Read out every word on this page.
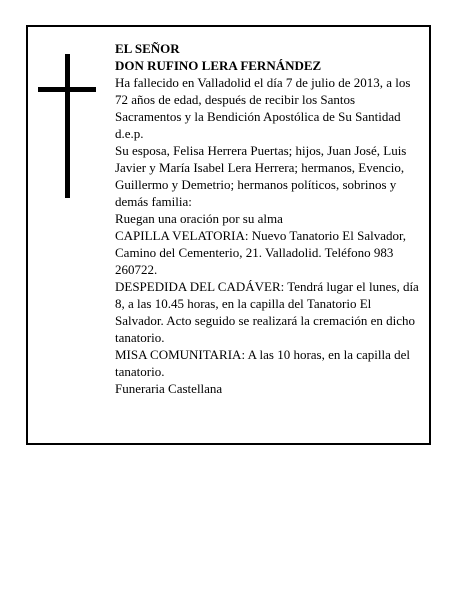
EL SEÑOR

DON RUFINO LERA FERNÁNDEZ

Ha fallecido en Valladolid el día 7 de julio de 2013, a los 72 años de edad, después de recibir los Santos Sacramentos y la Bendición Apostólica de Su Santidad d.e.p.

Su esposa, Felisa Herrera Puertas; hijos, Juan José, Luis Javier y María Isabel Lera Herrera; hermanos, Evencio, Guillermo y Demetrio; hermanos políticos, sobrinos y demás familia:

Ruegan una oración por su alma

CAPILLA VELATORIA: Nuevo Tanatorio El Salvador, Camino del Cementerio, 21. Valladolid. Teléfono 983 260722.

DESPEDIDA DEL CADÁVER: Tendrá lugar el lunes, día 8, a las 10.45 horas, en la capilla del Tanatorio El Salvador. Acto seguido se realizará la cremación en dicho tanatorio.

MISA COMUNITARIA: A las 10 horas, en la capilla del tanatorio.

Funeraria Castellana
